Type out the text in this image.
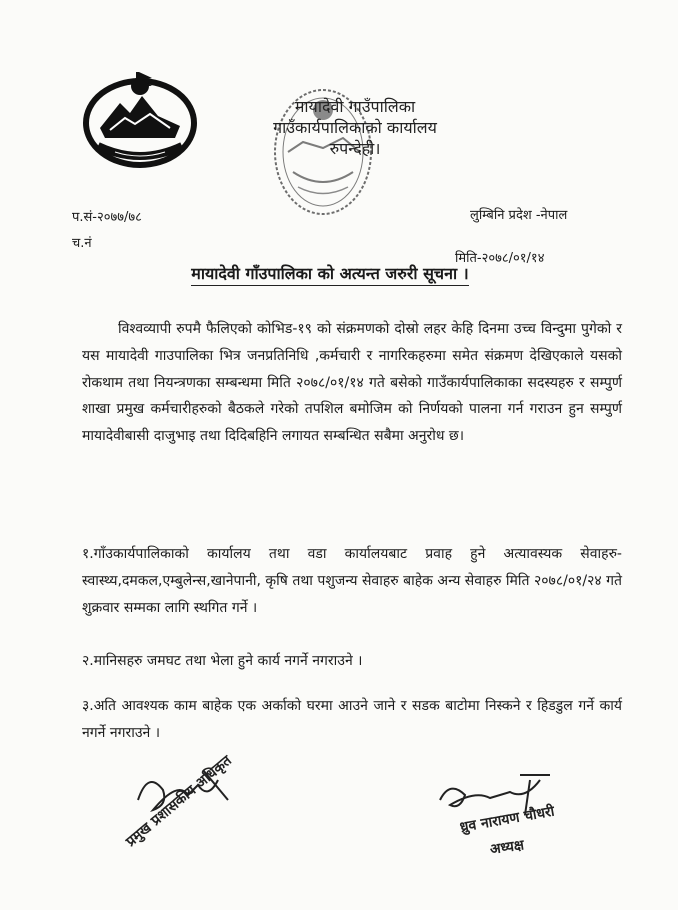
मायादेवी गाउँपालिका
गाउँकार्यपालिकाको कार्यालय
रुपन्देही।
प.सं-२०७७/७८
च.नं
लुम्बिनि प्रदेश -नेपाल
मिति-२०७८/०१/१४
मायादेवी गाँउपालिका को अत्यन्त जरुरी सूचना ।
विश्वव्यापी रुपमै फैलिएको कोभिड-१९ को संक्रमणको दोस्रो लहर केहि दिनमा उच्च विन्दुमा पुगेको र यस मायादेवी गाउपालिका भित्र जनप्रतिनिधि ,कर्मचारी र नागरिकहरुमा समेत संक्रमण देखिएकाले यसको रोकथाम तथा नियन्त्रणका सम्बन्धमा मिति २०७८/०१/१४ गते बसेको गाउँकार्यपालिकाका सदस्यहरु र सम्पुर्ण शाखा प्रमुख कर्मचारीहरुको बैठकले गरेको तपशिल बमोजिम को निर्णयको पालना गर्न गराउन हुन सम्पुर्ण मायादेवीबासी दाजुभाइ तथा दिदिबहिनि लगायत सम्बन्धित सबैमा अनुरोध छ।
१.गाँउकार्यपालिकाको कार्यालय तथा वडा कार्यालयबाट प्रवाह हुने अत्यावस्यक सेवाहरु-स्वास्थ्य,दमकल,एम्बुलेन्स,खानेपानी, कृषि तथा पशुजन्य सेवाहरु बाहेक अन्य सेवाहरु मिति २०७८/०१/२४ गते शुक्रवार सम्मका लागि स्थगित गर्ने ।
२.मानिसहरु जमघट तथा भेला हुने कार्य नगर्ने नगराउने ।
३.अति आवश्यक काम बाहेक एक अर्काको घरमा आउने जाने र सडक बाटोमा निस्कने र हिडडुल गर्ने कार्य नगर्ने नगराउने ।
प्रमुख प्रशासकीय अधिकृत	ध्रुव नारायण चौधरी
अध्यक्ष
